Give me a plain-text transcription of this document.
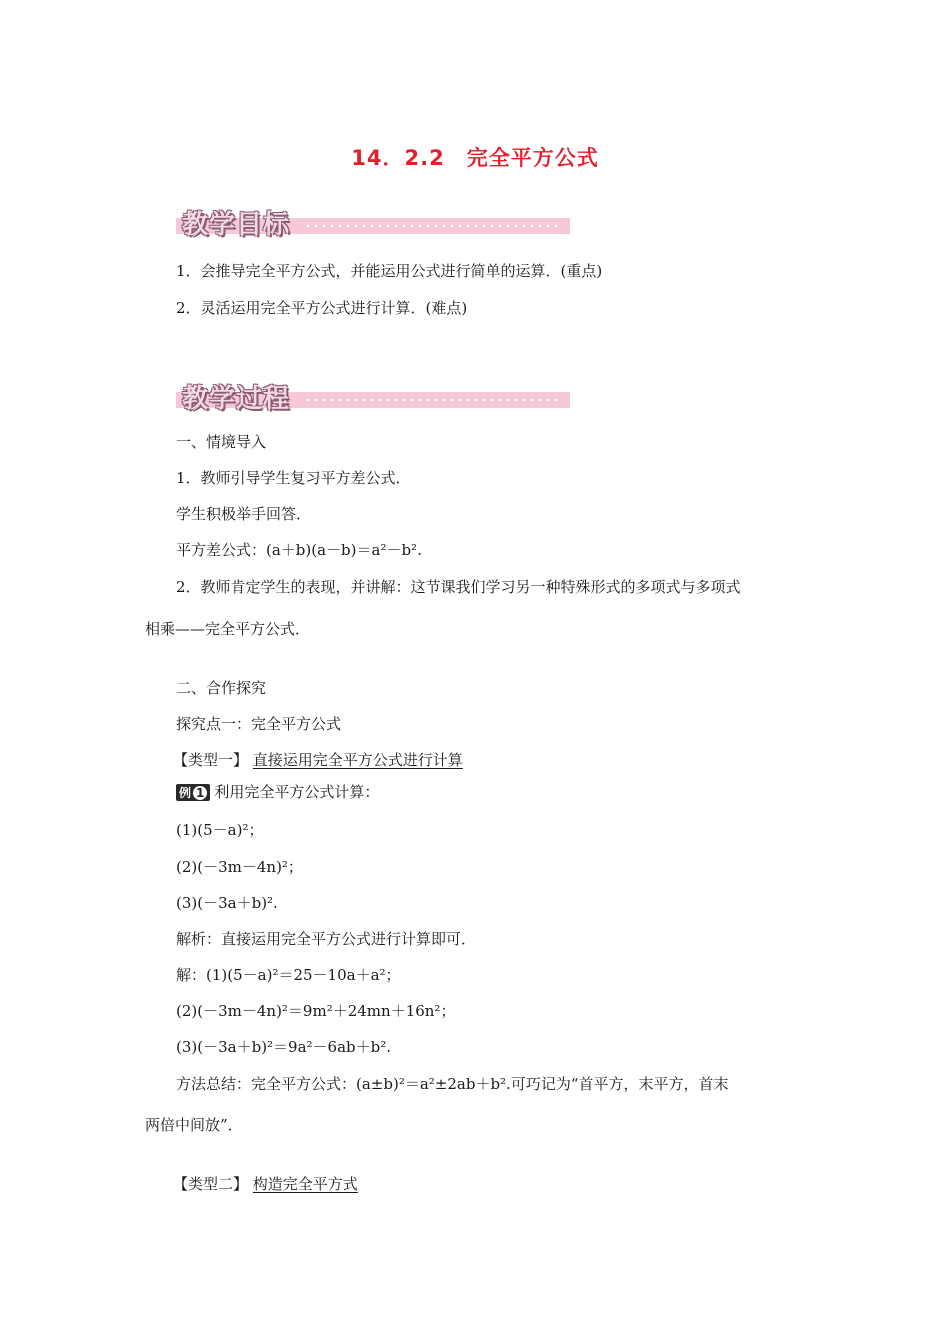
14．2.2　完全平方公式
教学目标
1．会推导完全平方公式，并能运用公式进行简单的运算．(重点)
2．灵活运用完全平方公式进行计算．(难点)
教学过程
一、情境导入
1．教师引导学生复习平方差公式．
学生积极举手回答．
平方差公式：(a＋b)(a－b)＝a²－b².
2．教师肯定学生的表现，并讲解：这节课我们学习另一种特殊形式的多项式与多项式
相乘——完全平方公式．
二、合作探究
探究点一：完全平方公式
【类型一】 直接运用完全平方公式进行计算
例 1 利用完全平方公式计算：
(1)(5－a)²；
(2)(－3m－4n)²；
(3)(－3a＋b)².
解析：直接运用完全平方公式进行计算即可．
解：(1)(5－a)²＝25－10a＋a²；
(2)(－3m－4n)²＝9m²＋24mn＋16n²；
(3)(－3a＋b)²＝9a²－6ab＋b².
方法总结：完全平方公式：(a±b)²＝a²±2ab＋b².可巧记为“首平方，末平方，首末
两倍中间放”．
【类型二】 构造完全平方式
